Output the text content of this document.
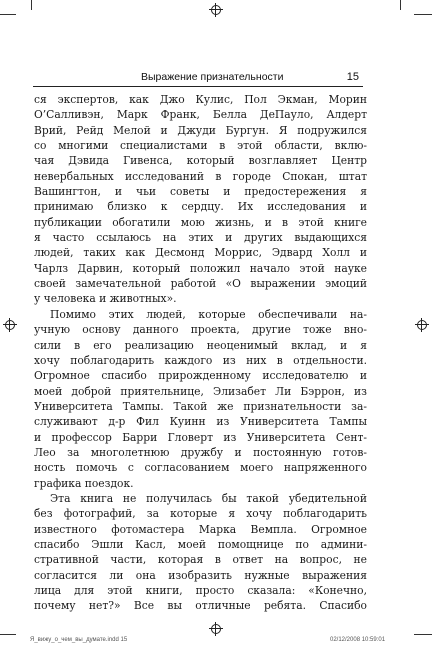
Выражение признательности	15
ся экспертов, как Джо Кулис, Пол Экман, Морин
О’Салливэн, Марк Франк, Белла ДеПауло, Алдерт
Врий, Рейд Мелой и Джуди Бургун. Я подружился
со многими специалистами в этой области, вклю-
чая Дэвида Гивенса, который возглавляет Центр
невербальных исследований в городе Спокан, штат
Вашингтон, и чьи советы и предостережения я
принимаю близко к сердцу. Их исследования и
публикации обогатили мою жизнь, и в этой книге
я часто ссылаюсь на этих и других выдающихся
людей, таких как Десмонд Моррис, Эдвард Холл и
Чарлз Дарвин, который положил начало этой науке
своей замечательной работой «О выражении эмоций
у человека и животных».
Помимо этих людей, которые обеспечивали на-
учную основу данного проекта, другие тоже вно-
сили в его реализацию неоценимый вклад, и я
хочу поблагодарить каждого из них в отдельности.
Огромное спасибо прирожденному исследователю и
моей доброй приятельнице, Элизабет Ли Бэррон, из
Университета Тампы. Такой же признательности за-
служивают д-р Фил Куинн из Университета Тампы
и профессор Барри Гловерт из Университета Сент-
Лео за многолетнюю дружбу и постоянную готов-
ность помочь с согласованием моего напряженного
графика поездок.
Эта книга не получилась бы такой убедительной
без фотографий, за которые я хочу поблагодарить
известного фотомастера Марка Вемпла. Огромное
спасибо Эшли Касл, моей помощнице по админи-
стративной части, которая в ответ на вопрос, не
согласится ли она изобразить нужные выражения
лица для этой книги, просто сказала: «Конечно,
почему нет?» Все вы отличные ребята. Спасибо
Я_вижу_о_чем_вы_думате.indd 15	02/12/2008 10:59:01
